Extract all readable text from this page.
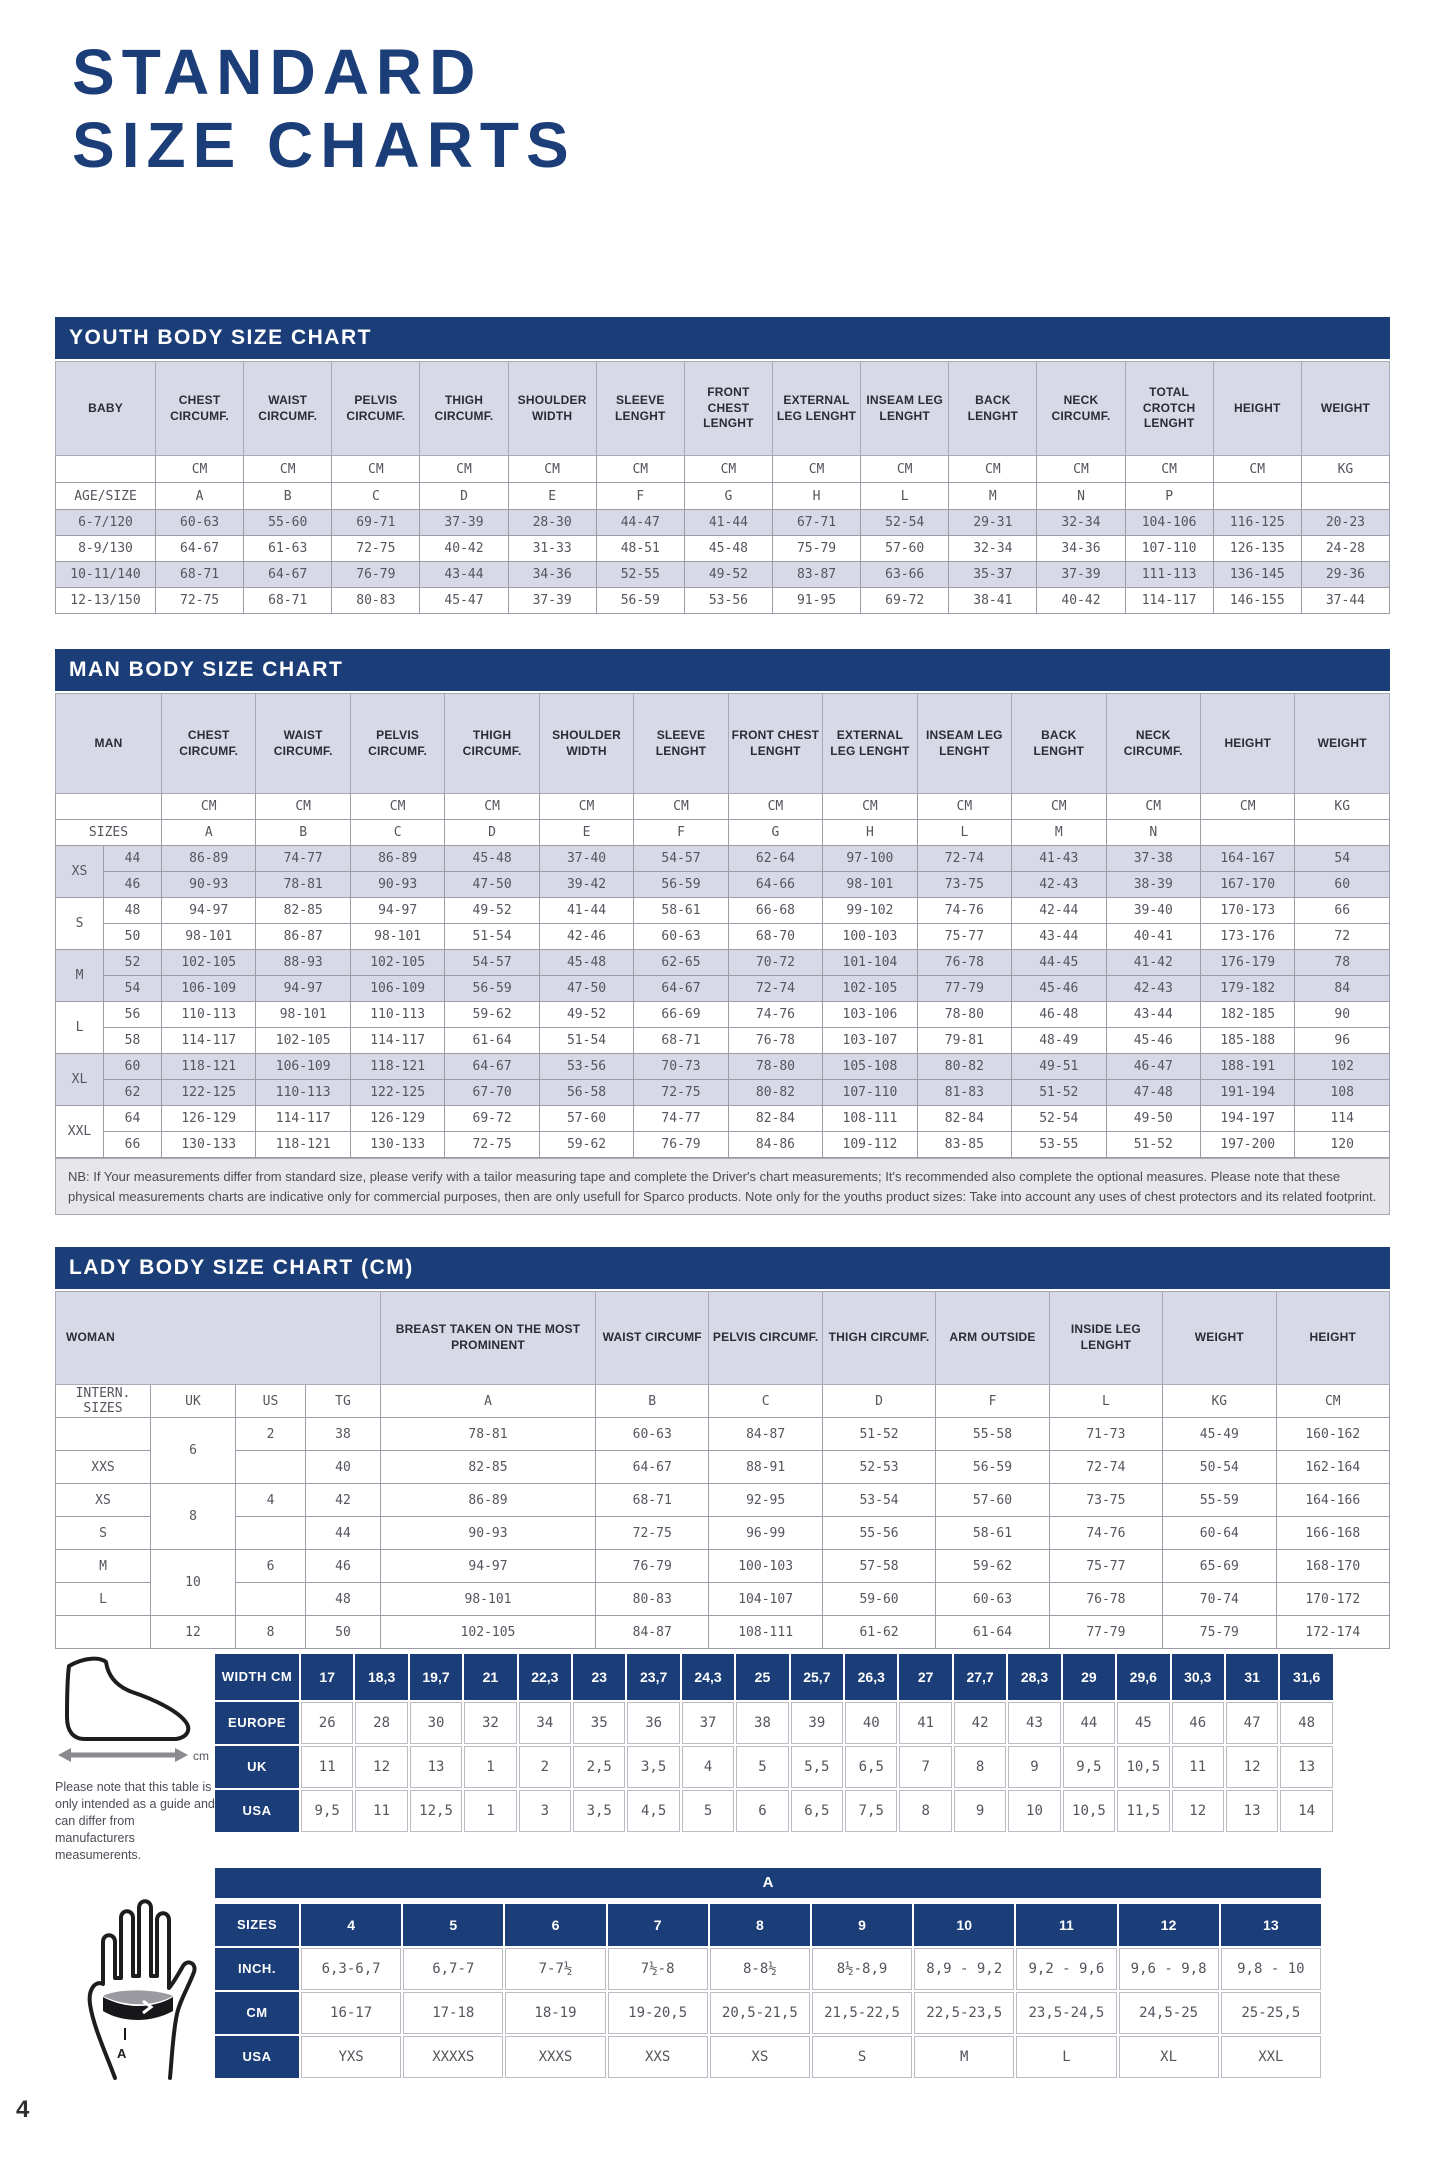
STANDARD
SIZE CHARTS
YOUTH BODY SIZE CHART
BABY	CHEST CIRCUMF.	WAIST CIRCUMF.	PELVIS CIRCUMF.	THIGH CIRCUMF.	SHOULDER WIDTH	SLEEVE LENGHT	FRONT CHEST LENGHT	EXTERNAL LEG LENGHT	INSEAM LEG LENGHT	BACK LENGHT	NECK CIRCUMF.	TOTAL CROTCH LENGHT	HEIGHT	WEIGHT
	CM	CM	CM	CM	CM	CM	CM	CM	CM	CM	CM	CM	CM	KG
AGE/SIZE	A	B	C	D	E	F	G	H	L	M	N	P		
6-7/120	60-63	55-60	69-71	37-39	28-30	44-47	41-44	67-71	52-54	29-31	32-34	104-106	116-125	20-23
8-9/130	64-67	61-63	72-75	40-42	31-33	48-51	45-48	75-79	57-60	32-34	34-36	107-110	126-135	24-28
10-11/140	68-71	64-67	76-79	43-44	34-36	52-55	49-52	83-87	63-66	35-37	37-39	111-113	136-145	29-36
12-13/150	72-75	68-71	80-83	45-47	37-39	56-59	53-56	91-95	69-72	38-41	40-42	114-117	146-155	37-44
MAN BODY SIZE CHART
MAN		CHEST CIRCUMF.	WAIST CIRCUMF.	PELVIS CIRCUMF.	THIGH CIRCUMF.	SHOULDER WIDTH	SLEEVE LENGHT	FRONT CHEST LENGHT	EXTERNAL LEG LENGHT	INSEAM LEG LENGHT	BACK LENGHT	NECK CIRCUMF.	HEIGHT	WEIGHT
		CM	CM	CM	CM	CM	CM	CM	CM	CM	CM	CM	CM	KG
SIZES		A	B	C	D	E	F	G	H	L	M	N		
XS	44	86-89	74-77	86-89	45-48	37-40	54-57	62-64	97-100	72-74	41-43	37-38	164-167	54
	46	90-93	78-81	90-93	47-50	39-42	56-59	64-66	98-101	73-75	42-43	38-39	167-170	60
S	48	94-97	82-85	94-97	49-52	41-44	58-61	66-68	99-102	74-76	42-44	39-40	170-173	66
	50	98-101	86-87	98-101	51-54	42-46	60-63	68-70	100-103	75-77	43-44	40-41	173-176	72
M	52	102-105	88-93	102-105	54-57	45-48	62-65	70-72	101-104	76-78	44-45	41-42	176-179	78
	54	106-109	94-97	106-109	56-59	47-50	64-67	72-74	102-105	77-79	45-46	42-43	179-182	84
L	56	110-113	98-101	110-113	59-62	49-52	66-69	74-76	103-106	78-80	46-48	43-44	182-185	90
	58	114-117	102-105	114-117	61-64	51-54	68-71	76-78	103-107	79-81	48-49	45-46	185-188	96
XL	60	118-121	106-109	118-121	64-67	53-56	70-73	78-80	105-108	80-82	49-51	46-47	188-191	102
	62	122-125	110-113	122-125	67-70	56-58	72-75	80-82	107-110	81-83	51-52	47-48	191-194	108
XXL	64	126-129	114-117	126-129	69-72	57-60	74-77	82-84	108-111	82-84	52-54	49-50	194-197	114
	66	130-133	118-121	130-133	72-75	59-62	76-79	84-86	109-112	83-85	53-55	51-52	197-200	120
NB: If Your measurements differ from standard size, please verify with a tailor measuring tape and complete the Driver's chart measurements; It's recommended also complete the optional measures. Please note that these physical measurements charts are indicative only for commercial purposes, then are only usefull for Sparco products. Note only for the youths product sizes: Take into account any uses of chest protectors and its related footprint.
LADY BODY SIZE CHART (CM)
WOMAN				BREAST TAKEN ON THE MOST PROMINENT	WAIST CIRCUMF	PELVIS CIRCUMF.	THIGH CIRCUMF.	ARM OUTSIDE	INSIDE LEG LENGHT	WEIGHT	HEIGHT
INTERN. SIZES	UK	US	TG	A	B	C	D	F	L	KG	CM
	6	2	38	78-81	60-63	84-87	51-52	55-58	71-73	45-49	160-162
XXS			40	82-85	64-67	88-91	52-53	56-59	72-74	50-54	162-164
XS	8	4	42	86-89	68-71	92-95	53-54	57-60	73-75	55-59	164-166
S			44	90-93	72-75	96-99	55-56	58-61	74-76	60-64	166-168
M	10	6	46	94-97	76-79	100-103	57-58	59-62	75-77	65-69	168-170
L			48	98-101	80-83	104-107	59-60	60-63	76-78	70-74	170-172
	12	8	50	102-105	84-87	108-111	61-62	61-64	77-79	75-79	172-174
cm
Please note that this table is only intended as a guide and can differ from manufacturers measumerents.
WIDTH CM	17	18,3	19,7	21	22,3	23	23,7	24,3	25	25,7	26,3	27	27,7	28,3	29	29,6	30,3	31	31,6
EUROPE	26	28	30	32	34	35	36	37	38	39	40	41	42	43	44	45	46	47	48
UK	11	12	13	1	2	2,5	3,5	4	5	5,5	6,5	7	8	9	9,5	10,5	11	12	13
USA	9,5	11	12,5	1	3	3,5	4,5	5	6	6,5	7,5	8	9	10	10,5	11,5	12	13	14
A
A
SIZES	4	5	6	7	8	9	10	11	12	13
INCH.	6,3-6,7	6,7-7	7-7½	7½-8	8-8½	8½-8,9	8,9 - 9,2	9,2 - 9,6	9,6 - 9,8	9,8 - 10
CM	16-17	17-18	18-19	19-20,5	20,5-21,5	21,5-22,5	22,5-23,5	23,5-24,5	24,5-25	25-25,5
USA	YXS	XXXXS	XXXS	XXS	XS	S	M	L	XL	XXL
4
